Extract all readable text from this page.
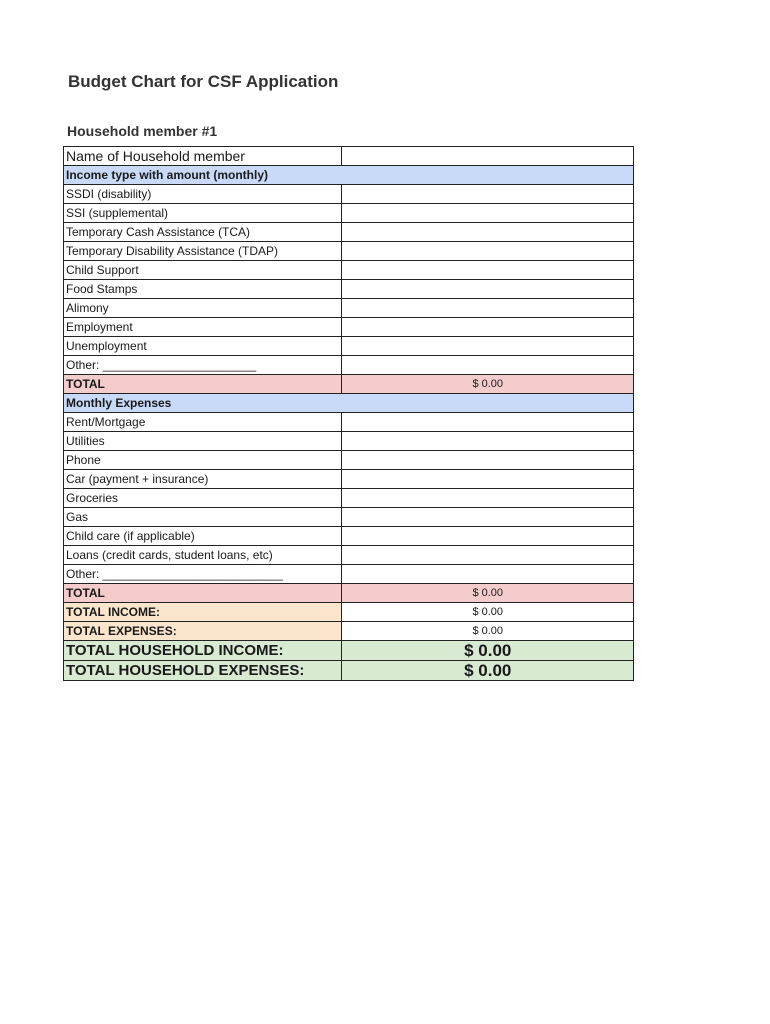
Budget Chart for CSF Application
Household member #1
Name of Household member	
Income type with amount (monthly)	
SSDI (disability)	
SSI (supplemental)	
Temporary Cash Assistance (TCA)	
Temporary Disability Assistance (TDAP)	
Child Support	
Food Stamps	
Alimony	
Employment	
Unemployment	
Other: _______________________	
TOTAL	$ 0.00
Monthly Expenses	
Rent/Mortgage	
Utilities	
Phone	
Car (payment + insurance)	
Groceries	
Gas	
Child care (if applicable)	
Loans (credit cards, student loans, etc)	
Other: ___________________________	
TOTAL	$ 0.00
TOTAL INCOME:	$ 0.00
TOTAL EXPENSES:	$ 0.00
TOTAL HOUSEHOLD INCOME:	$ 0.00
TOTAL HOUSEHOLD EXPENSES:	$ 0.00
